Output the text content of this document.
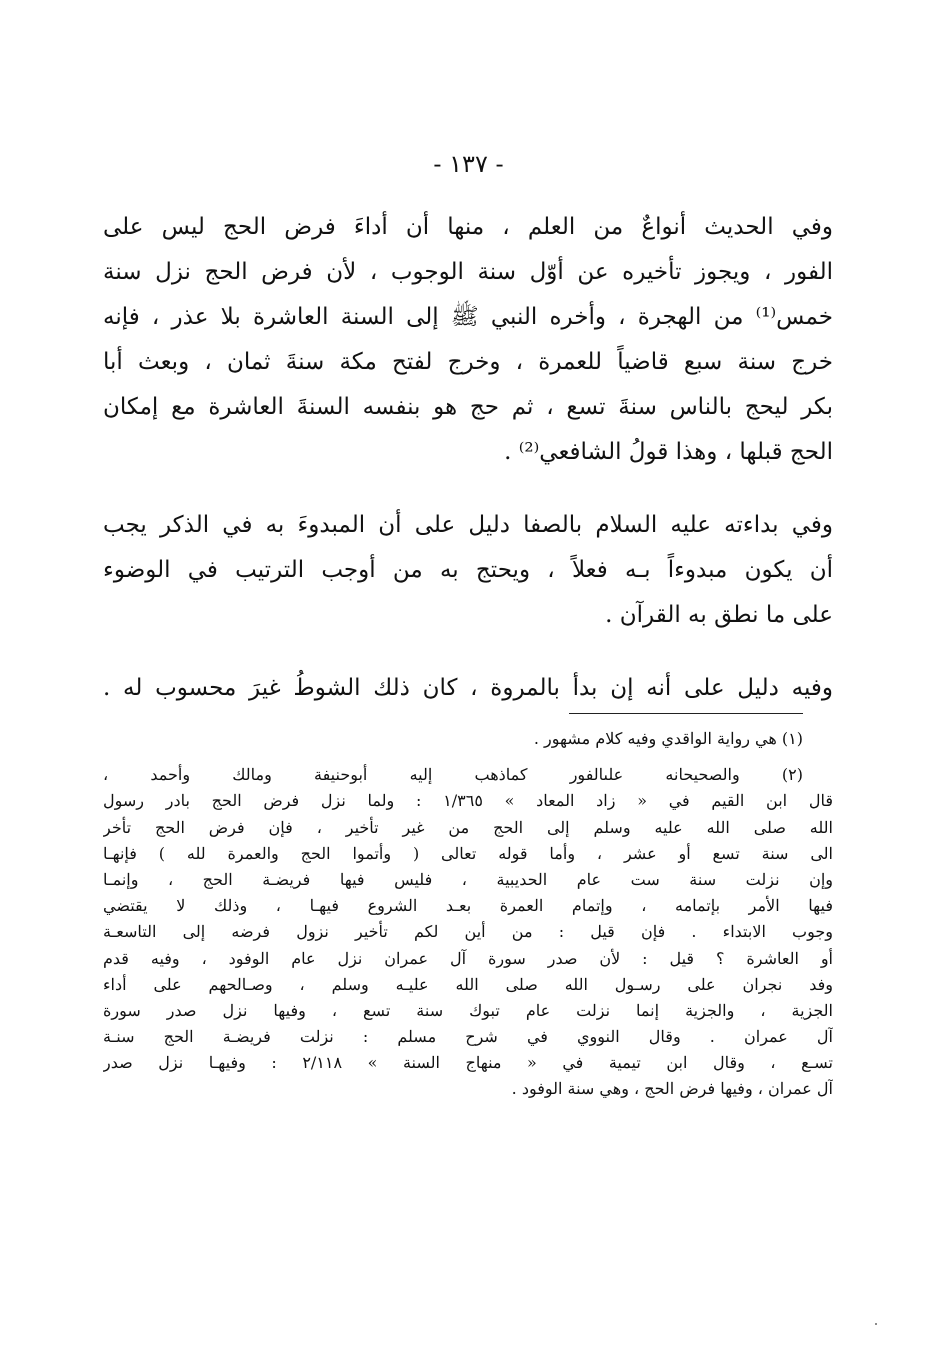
- ١٣٧ -
وفي الحديث أنواعٌ من العلم ، منها أن أداءَ فرض الحج ليس على
الفور ، ويجوز تأخيره عن أوّل سنة الوجوب ، لأن فرض الحج نزل سنة
خمس⁽¹⁾ من الهجرة ، وأخره النبي ﷺ إلى السنة العاشرة بلا عذر ، فإنه
خرج سنة سبع قاضياً للعمرة ، وخرج لفتح مكة سنةَ ثمان ، وبعث أبا
بكر ليحج بالناس سنةَ تسع ، ثم حج هو بنفسه السنةَ العاشرة مع إمكان
الحج قبلها ، وهذا قولُ الشافعي⁽²⁾ .
وفي بداءته عليه السلام بالصفا دليل على أن المبدوءَ به في الذكر يجب
أن يكون مبدوءاً بـه فعلاً ، ويحتج به من أوجب الترتيب في الوضوء
على ما نطق به القرآن .
وفيه دليل على أنه إن بدأ بالمروة ، كان ذلك الشوطُ غيرَ محسوب له .
(١) هي رواية الواقدي وفيه كلام مشهور .
(٢) والصحيحانه علىالفور كماذهب إليه أبوحنيفة ومالك وأحمد ،
قال ابن القيم في « زاد المعاد » ١/٣٦٥ : ولما نزل فرض الحج بادر رسول
الله صلى الله عليه وسلم إلى الحج من غير تأخير ، فإن فرض الحج تأخر
الى سنة تسع أو عشر ، وأما قوله تعالى ( وأتموا الحج والعمرة لله ) فإنهـا
وإن نزلت سنة ست عام الحديبية ، فليس فيها فريضـة الحج ، وإنمـا
فيها الأمر بإتمامه ، وإتمام العمرة بعـد الشروع فيهـا ، وذلك لا يقتضي
وجوب الابتداء . فإن قيل : من أين لكم تأخير نزول فرضه إلى التاسعـة
أو العاشرة ؟ قيل : لأن صدر سورة آل عمران نزل عام الوفود ، وفيه قدم
وفد نجران على رسـول الله صلى الله عليـه وسلم ، وصـالحهم على أداء
الجزية ، والجزية إنما نزلت عام تبوك سنة تسع ، وفيها نزل صدر سورة
آل عمران . وقال النووي في شرح مسلم : نزلت فريضـة الحج سنـة
تسـع ، وقال ابن تيمية في « منهاج السنة » ٢/١١٨ : وفيهـا نزل صدر
آل عمران ، وفيها فرض الحج ، وهي سنة الوفود .
